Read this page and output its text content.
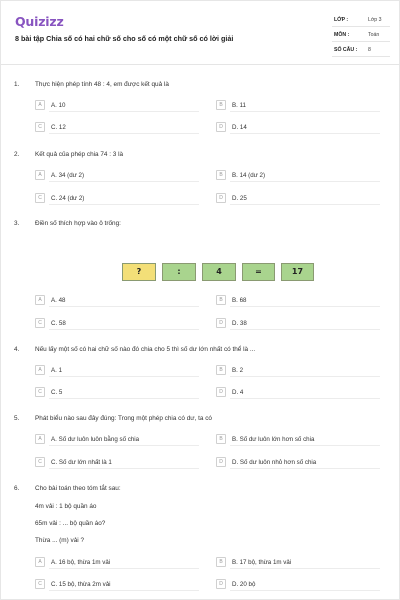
Quizizz
8 bài tập Chia số có hai chữ số cho số có một chữ số có lời giải
LỚP :	Lớp 3
MÔN :	Toán
SỐ CÂU : 8
1. Thực hiện phép tính 48 : 4, em được kết quả là
A	A. 10	B	B. 11
C	C. 12	D	D. 14
2. Kết quả của phép chia 74 : 3 là
A	A. 34 (dư 2)	B	B. 14 (dư 2)
C	C. 24 (dư 2)	D	D. 25
3. Điền số thích hợp vào ô trống:
?	:	4	=	17
A	A. 48	B	B. 68
C	C. 58	D	D. 38
4. Nếu lấy một số có hai chữ số nào đó chia cho 5 thì số dư lớn nhất có thể là ...
A	A. 1	B	B. 2
C	C. 5	D	D. 4
5. Phát biểu nào sau đây đúng: Trong một phép chia có dư, ta có
A	A. Số dư luôn luôn bằng số chia	B	B. Số dư luôn lớn hơn số chia
C	C. Số dư lớn nhất là 1	D	D. Số dư luôn nhỏ hơn số chia
6. Cho bài toán theo tóm tắt sau:
4m vải : 1 bộ quần áo
65m vải : ... bộ quần áo?
Thừa ... (m) vải ?
A	A. 16 bộ, thừa 1m vải	B	B. 17 bộ, thừa 1m vải
C	C. 15 bộ, thừa 2m vải	D	D. 20 bộ
